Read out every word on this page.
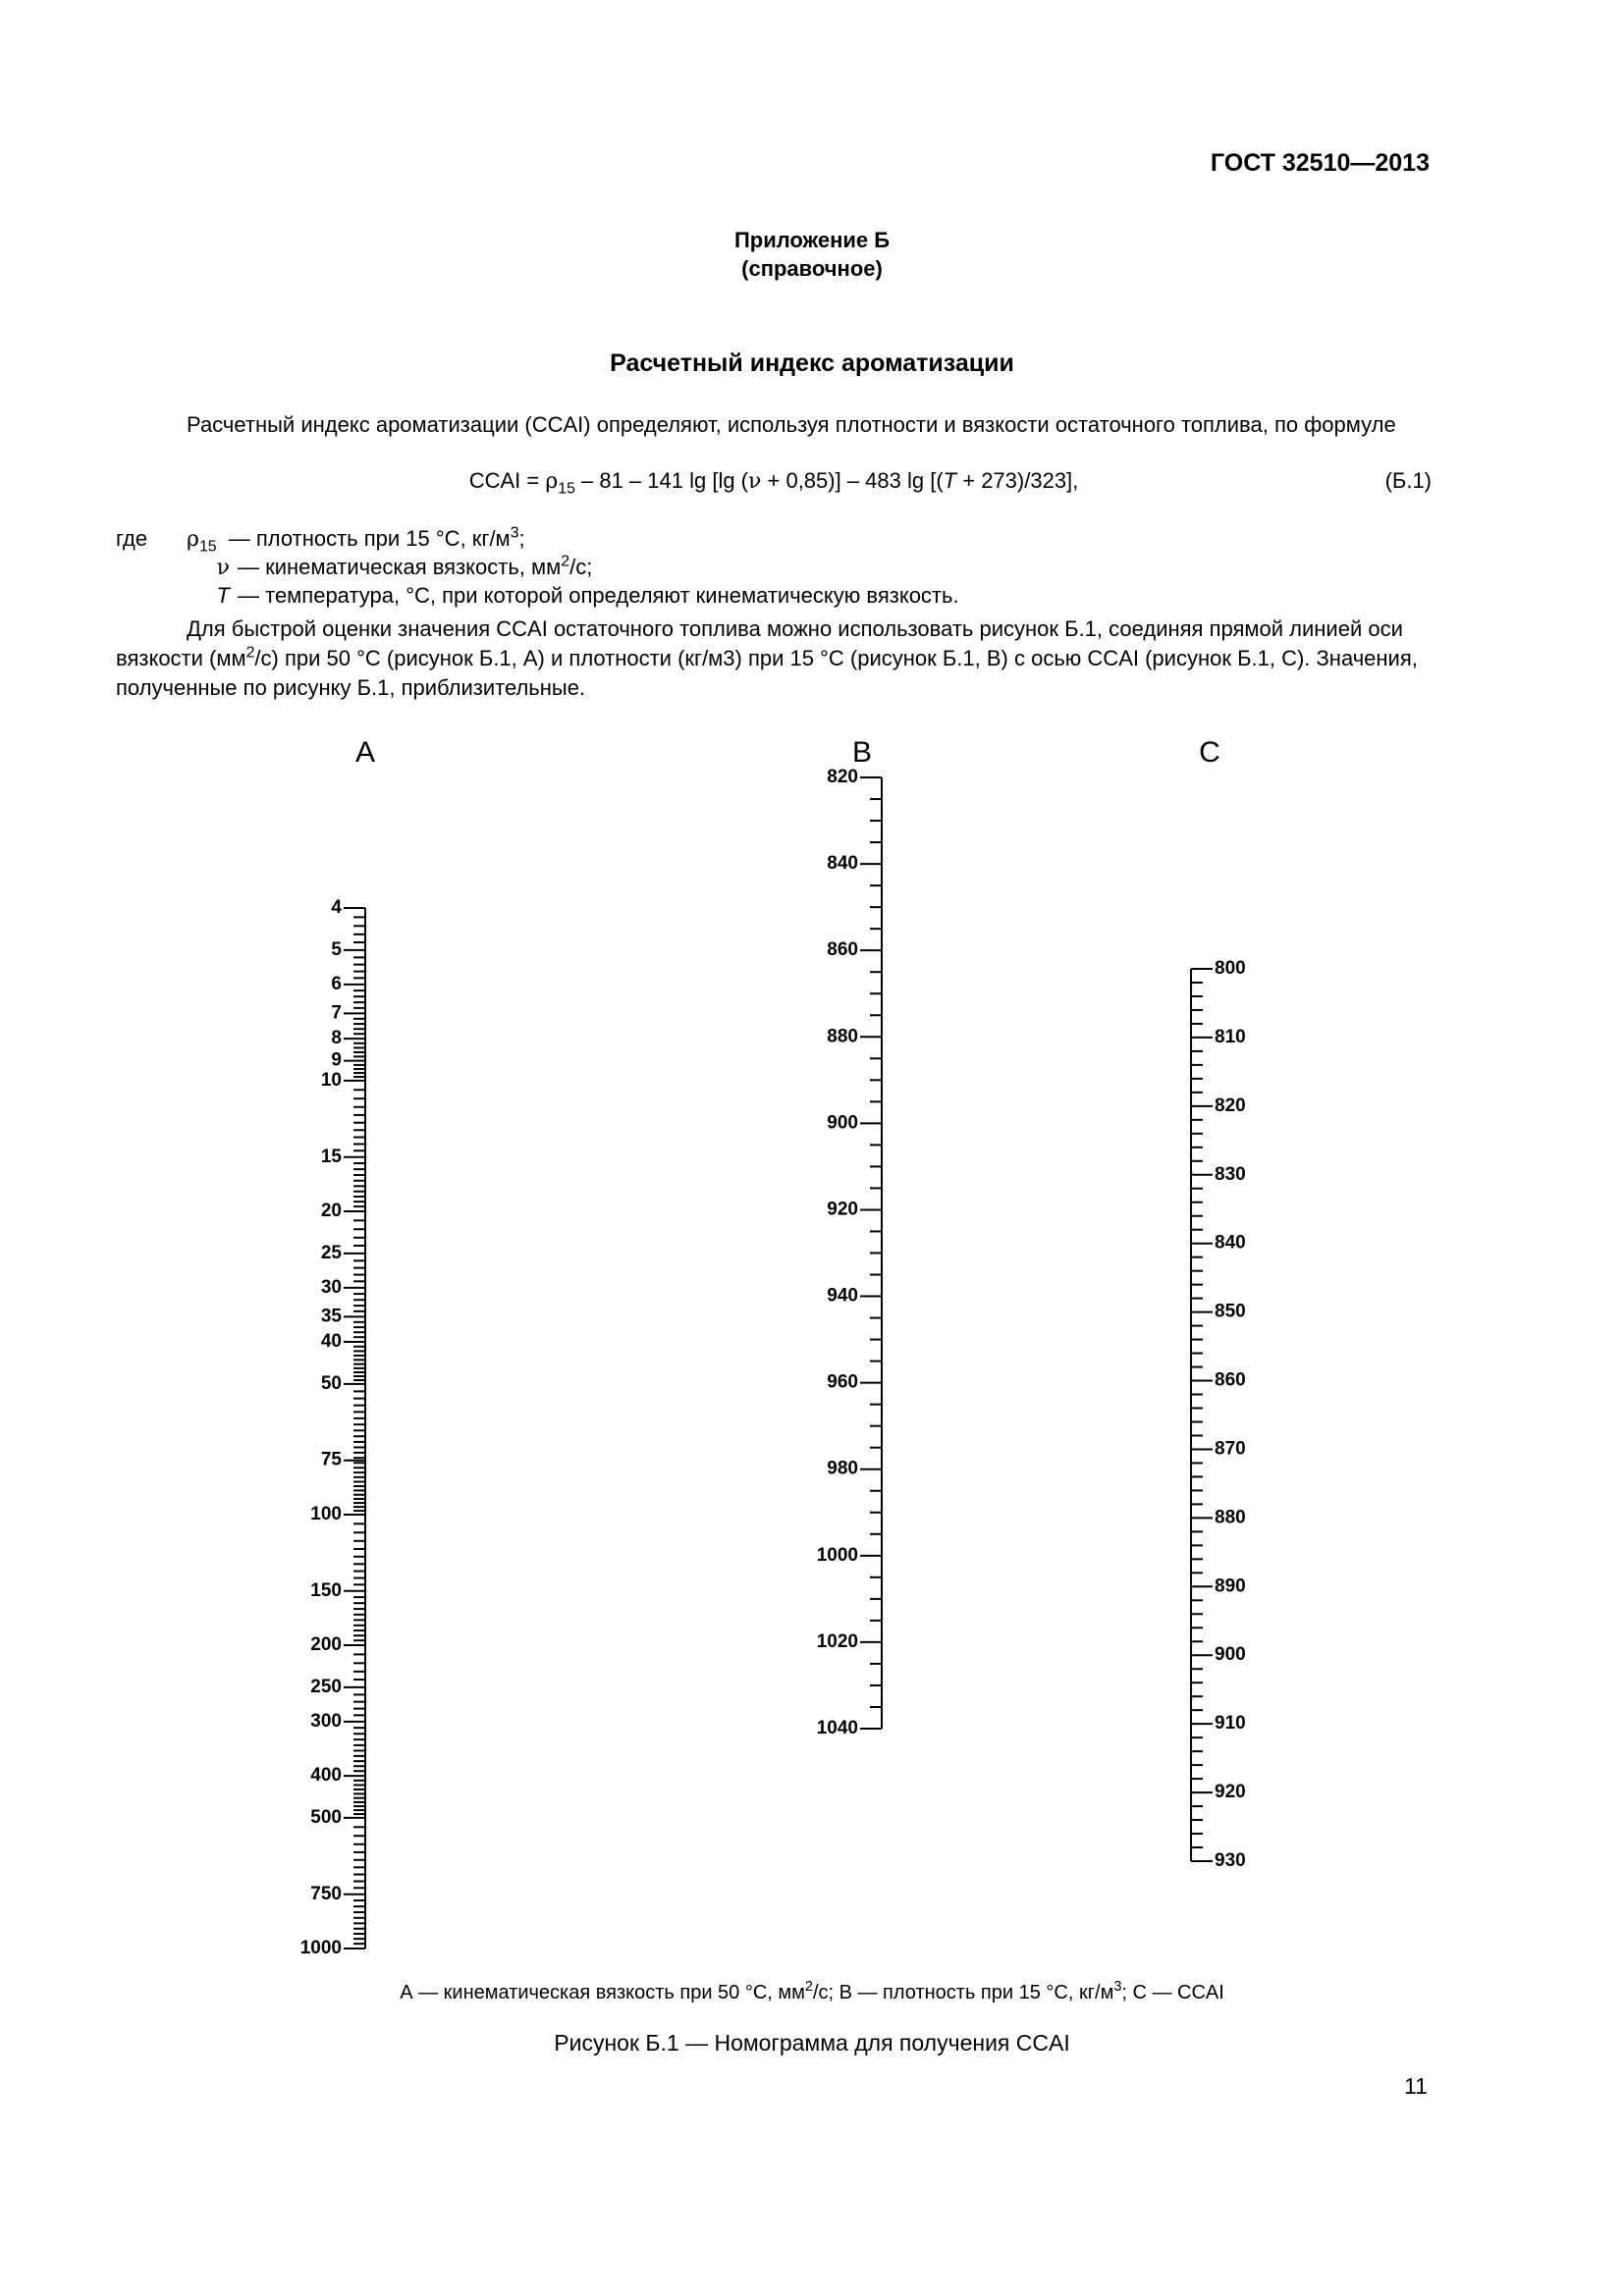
ГОСТ 32510—2013
Приложение Б
(справочное)
Расчетный индекс ароматизации
Расчетный индекс ароматизации (CCAI) определяют, используя плотности и вязкости остаточного топлива, по формуле
CCAI = $\rho_{15} - 81 - 141$ lg [lg (ν + 0,85)] – 483 lg [(T + 273)/323],	(Б.1)
где	$\rho_{15}$ — плотность при 15 °С, $кг/м^3$;
ν — кинематическая вязкость, $мм^2/с$;
T — температура, °С, при которой определяют кинематическую вязкость.
Для быстрой оценки значения CCAI остаточного топлива можно использовать рисунок Б.1, соединяя прямой линией оси вязкости $(мм^2/с)$ при 50 °С (рисунок Б.1, А) и плотности (кг/м3) при 15 °С (рисунок Б.1, В) с осью CCAI (рисунок Б.1, С). Значения, полученные по рисунку Б.1, приблизительные.
A
4
5
6
7
8
9
10
15
20
25
30
35
40
50
75
100
150
200
250
300
400
500
750
1000
B
820
840
860
880
900
920
940
960
980
1000
1020
1040
C
800
810
820
830
840
850
860
870
880
890
900
910
920
930
А — кинематическая вязкость при 50 °С, $мм^2/с$; В — плотность при 15 °С, $кг/м^3$; С — CCAI
Рисунок Б.1 — Номограмма для получения CCAI
11
